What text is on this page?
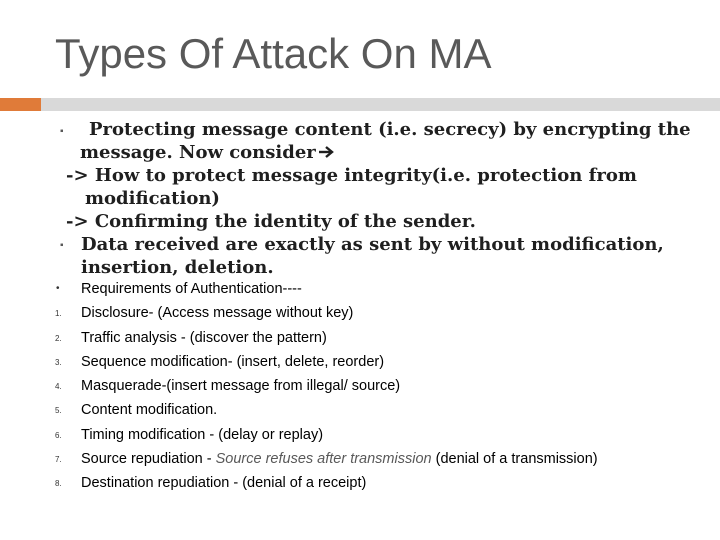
Types Of Attack On MA
▪ Protecting message content (i.e. secrecy) by encrypting the
message. Now consider
-> How to protect message integrity(i.e. protection from
modification)
-> Confirming the identity of the sender.
▪ Data received are exactly as sent by without modification,
insertion, deletion.
• Requirements of Authentication----
1. Disclosure- (Access message without key)
2. Traffic analysis - (discover the pattern)
3. Sequence modification- (insert, delete, reorder)
4. Masquerade-(insert message from illegal/ source)
5. Content modification.
6. Timing modification - (delay or replay)
7. Source repudiation - Source refuses after transmission (denial of a transmission)
8. Destination repudiation - (denial of a receipt)
